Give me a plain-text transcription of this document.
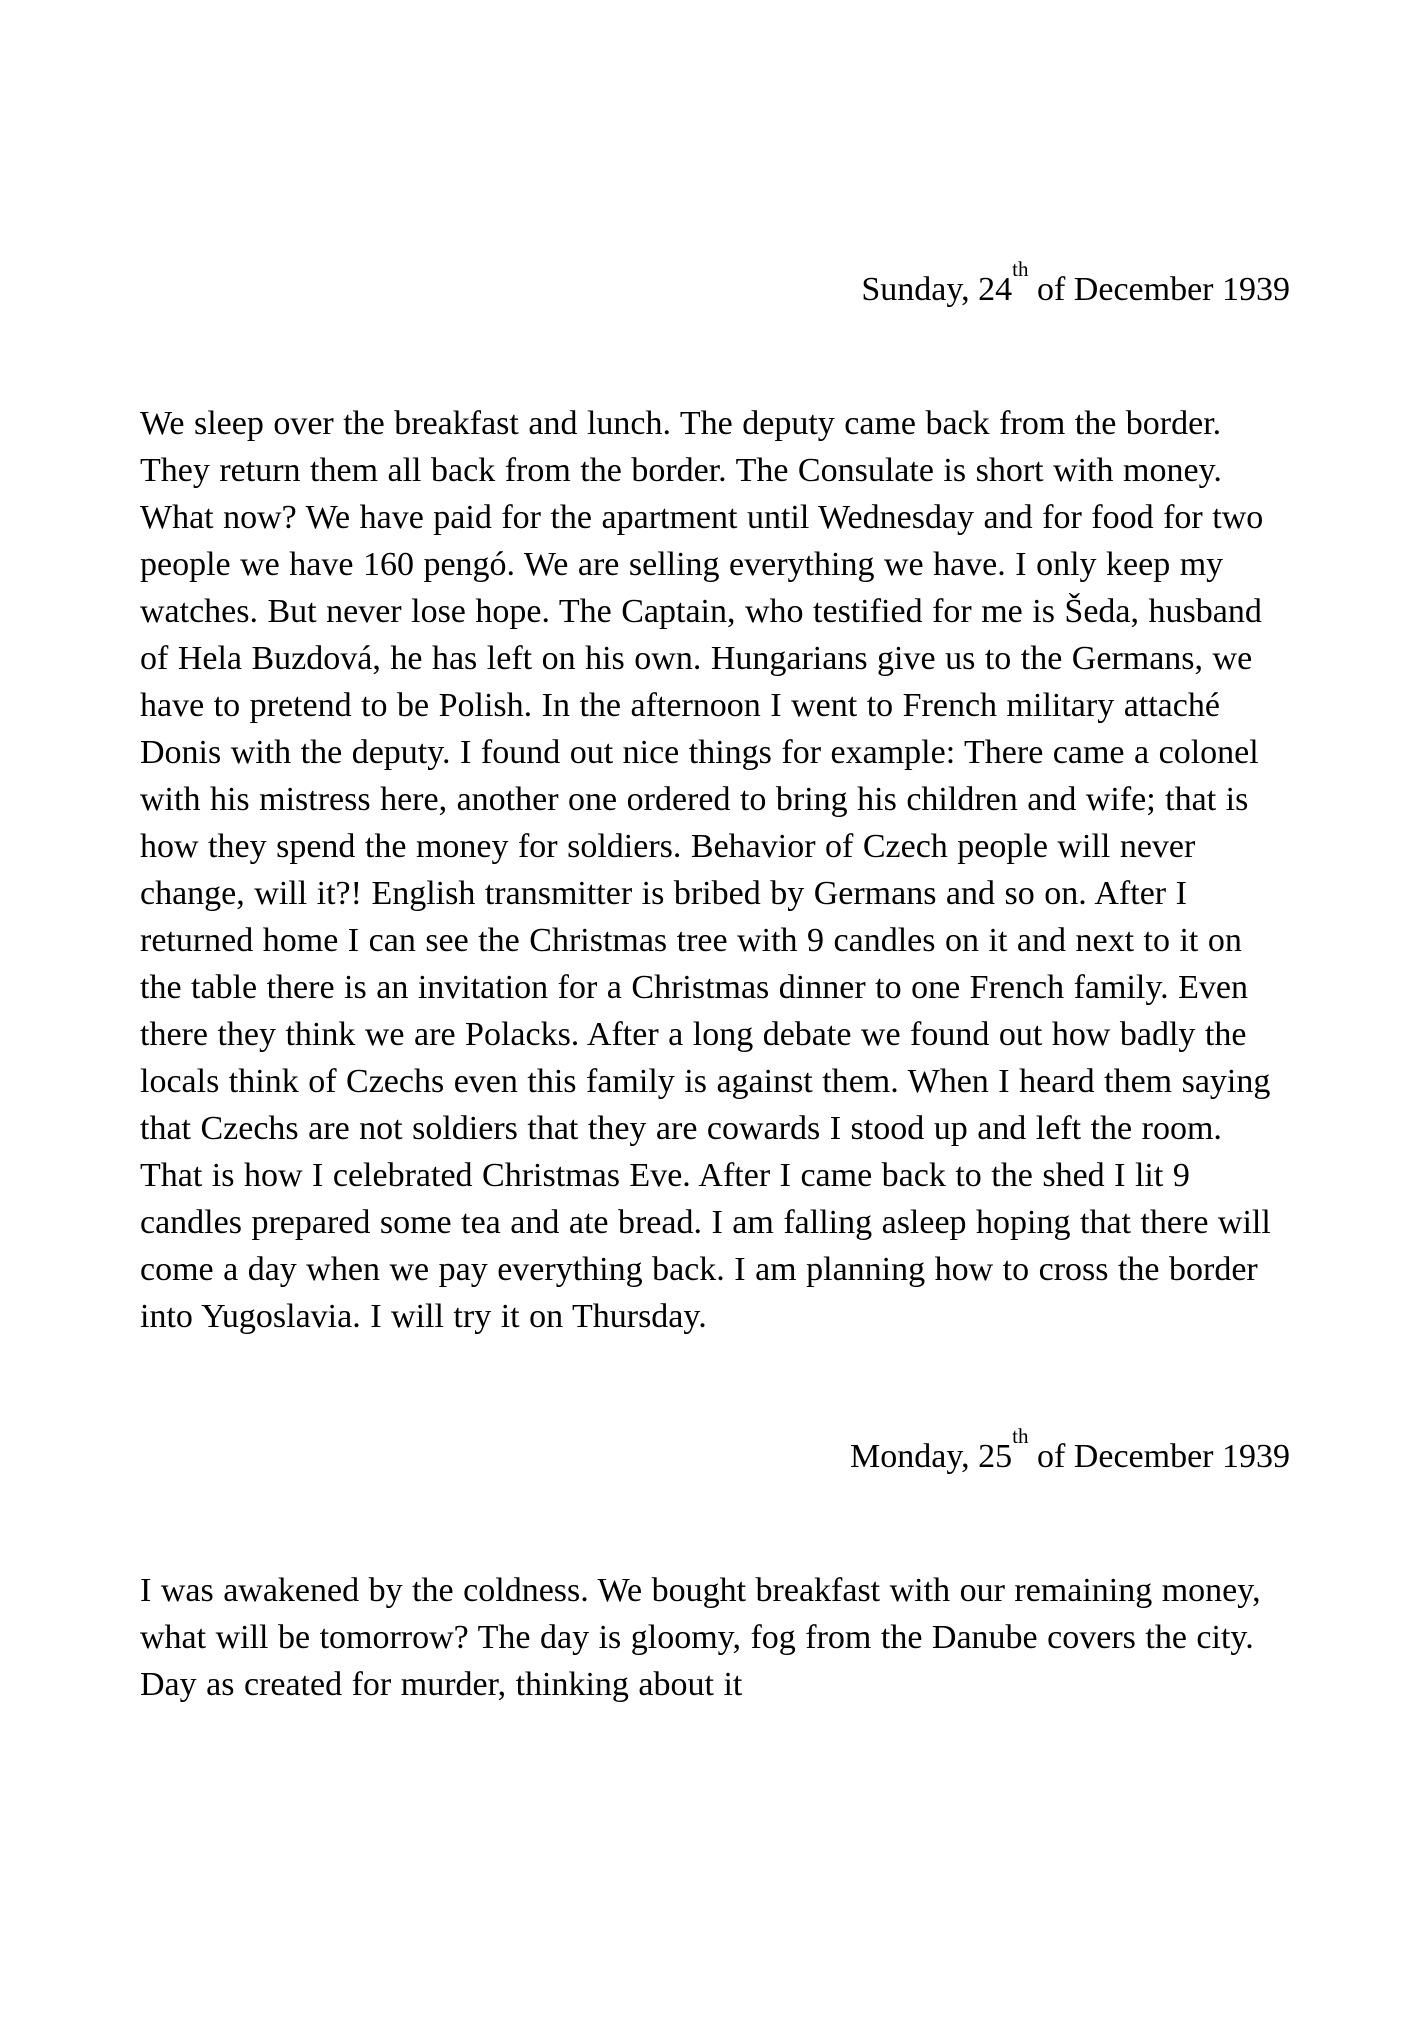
Sunday, 24th of December 1939

We sleep over the breakfast and lunch. The deputy came back from the border. They return them all back from the border. The Consulate is short with money. What now? We have paid for the apartment until Wednesday and for food for two people we have 160 pengó. We are selling everything we have. I only keep my watches. But never lose hope. The Captain, who testified for me is Šeda, husband of Hela Buzdová, he has left on his own. Hungarians give us to the Germans, we have to pretend to be Polish. In the afternoon I went to French military attaché Donis with the deputy. I found out nice things for example: There came a colonel with his mistress here, another one ordered to bring his children and wife; that is how they spend the money for soldiers. Behavior of Czech people will never change, will it?! English transmitter is bribed by Germans and so on. After I returned home I can see the Christmas tree with 9 candles on it and next to it on the table there is an invitation for a Christmas dinner to one French family. Even there they think we are Polacks. After a long debate we found out how badly the locals think of Czechs even this family is against them. When I heard them saying that Czechs are not soldiers that they are cowards I stood up and left the room. That is how I celebrated Christmas Eve. After I came back to the shed I lit 9 candles prepared some tea and ate bread. I am falling asleep hoping that there will come a day when we pay everything back. I am planning how to cross the border into Yugoslavia. I will try it on Thursday.

Monday, 25th of December 1939

I was awakened by the coldness. We bought breakfast with our remaining money, what will be tomorrow? The day is gloomy, fog from the Danube covers the city. Day as created for murder, thinking about it
